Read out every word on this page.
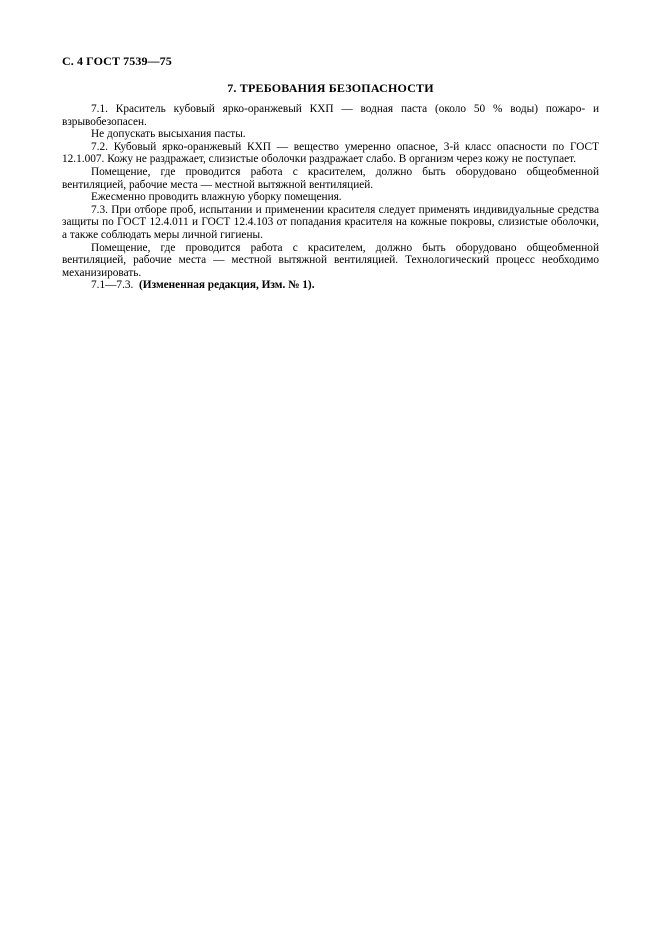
С. 4 ГОСТ 7539—75
7. ТРЕБОВАНИЯ БЕЗОПАСНОСТИ

7.1. Краситель кубовый ярко-оранжевый КХП — водная паста (около 50 % воды) пожаро- и взрывобезопасен.

Не допускать высыхания пасты.

7.2. Кубовый ярко-оранжевый КХП — вещество умеренно опасное, 3-й класс опасности по ГОСТ 12.1.007. Кожу не раздражает, слизистые оболочки раздражает слабо. В организм через кожу не поступает.

Помещение, где проводится работа с красителем, должно быть оборудовано общеобменной вентиляцией, рабочие места — местной вытяжной вентиляцией.

Ежесменно проводить влажную уборку помещения.

7.3. При отборе проб, испытании и применении красителя следует применять индивидуальные средства защиты по ГОСТ 12.4.011 и ГОСТ 12.4.103 от попадания красителя на кожные покровы, слизистые оболочки, а также соблюдать меры личной гигиены.

Помещение, где проводится работа с красителем, должно быть оборудовано общеобменной вентиляцией, рабочие места — местной вытяжной вентиляцией. Технологический процесс необходимо механизировать.

7.1—7.3. (Измененная редакция, Изм. № 1).
